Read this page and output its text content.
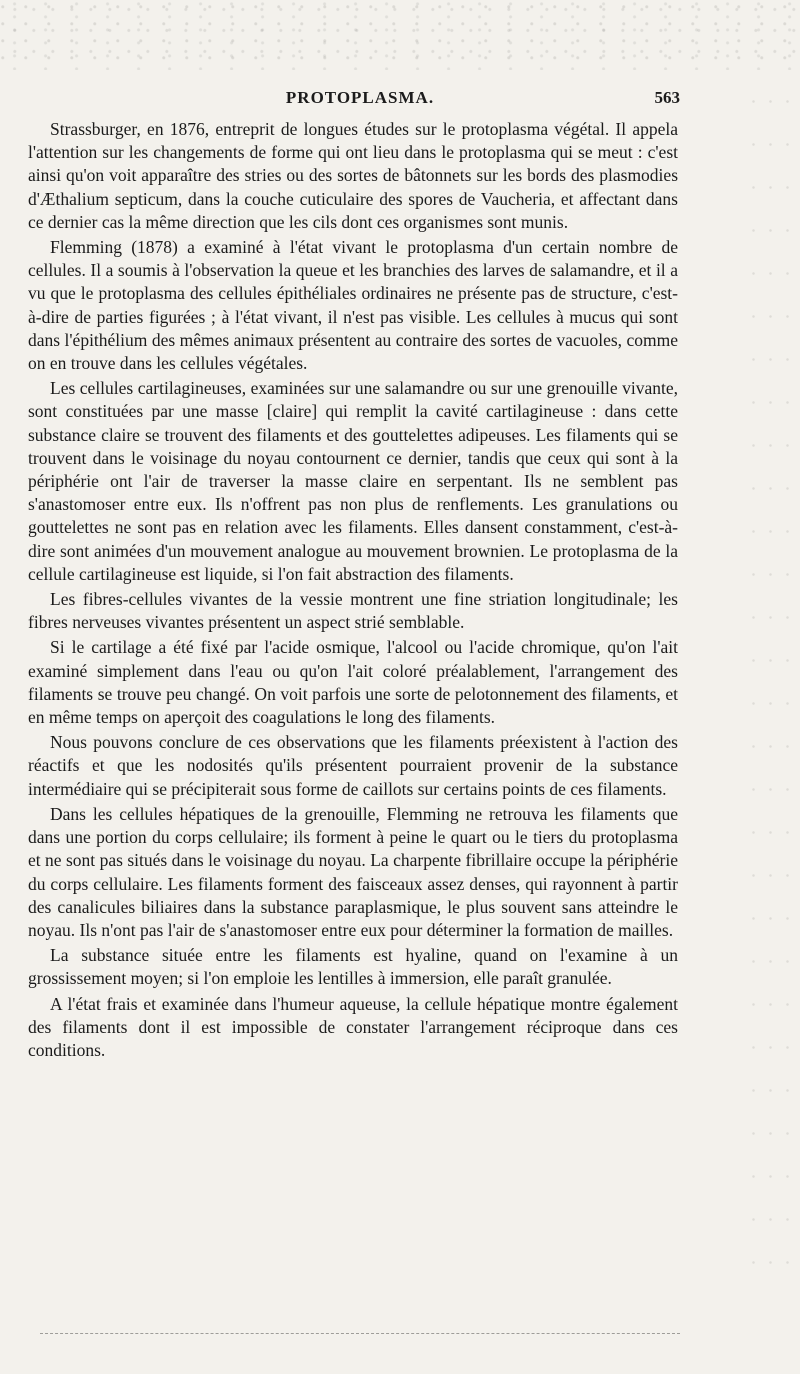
PROTOPLASMA.	563

Strassburger, en 1876, entreprit de longues études sur le protoplasma végétal. Il appela l'attention sur les changements de forme qui ont lieu dans le protoplasma qui se meut : c'est ainsi qu'on voit apparaître des stries ou des sortes de bâtonnets sur les bords des plasmodies d'Æthalium septicum, dans la couche cuticulaire des spores de Vaucheria, et affectant dans ce dernier cas la même direction que les cils dont ces organismes sont munis.

Flemming (1878) a examiné à l'état vivant le protoplasma d'un certain nombre de cellules. Il a soumis à l'observation la queue et les branchies des larves de salamandre, et il a vu que le protoplasma des cellules épithéliales ordinaires ne présente pas de structure, c'est-à-dire de parties figurées ; à l'état vivant, il n'est pas visible. Les cellules à mucus qui sont dans l'épithélium des mêmes animaux présentent au contraire des sortes de vacuoles, comme on en trouve dans les cellules végétales.

Les cellules cartilagineuses, examinées sur une salamandre ou sur une grenouille vivante, sont constituées par une masse [claire] qui remplit la cavité cartilagineuse : dans cette substance claire se trouvent des filaments et des gouttelettes adipeuses. Les filaments qui se trouvent dans le voisinage du noyau contournent ce dernier, tandis que ceux qui sont à la périphérie ont l'air de traverser la masse claire en serpentant. Ils ne semblent pas s'anastomoser entre eux. Ils n'offrent pas non plus de renflements. Les granulations ou gouttelettes ne sont pas en relation avec les filaments. Elles dansent constamment, c'est-à-dire sont animées d'un mouvement analogue au mouvement brownien. Le protoplasma de la cellule cartilagineuse est liquide, si l'on fait abstraction des filaments.

Les fibres-cellules vivantes de la vessie montrent une fine striation longitudinale; les fibres nerveuses vivantes présentent un aspect strié semblable.

Si le cartilage a été fixé par l'acide osmique, l'alcool ou l'acide chromique, qu'on l'ait examiné simplement dans l'eau ou qu'on l'ait coloré préalablement, l'arrangement des filaments se trouve peu changé. On voit parfois une sorte de pelotonnement des filaments, et en même temps on aperçoit des coagulations le long des filaments.

Nous pouvons conclure de ces observations que les filaments préexistent à l'action des réactifs et que les nodosités qu'ils présentent pourraient provenir de la substance intermédiaire qui se précipiterait sous forme de caillots sur certains points de ces filaments.

Dans les cellules hépatiques de la grenouille, Flemming ne retrouva les filaments que dans une portion du corps cellulaire; ils forment à peine le quart ou le tiers du protoplasma et ne sont pas situés dans le voisinage du noyau. La charpente fibrillaire occupe la périphérie du corps cellulaire. Les filaments forment des faisceaux assez denses, qui rayonnent à partir des canalicules biliaires dans la substance paraplasmique, le plus souvent sans atteindre le noyau. Ils n'ont pas l'air de s'anastomoser entre eux pour déterminer la formation de mailles.

La substance située entre les filaments est hyaline, quand on l'examine à un grossissement moyen; si l'on emploie les lentilles à immersion, elle paraît granulée.

A l'état frais et examinée dans l'humeur aqueuse, la cellule hépatique montre également des filaments dont il est impossible de constater l'arrangement réciproque dans ces conditions.
